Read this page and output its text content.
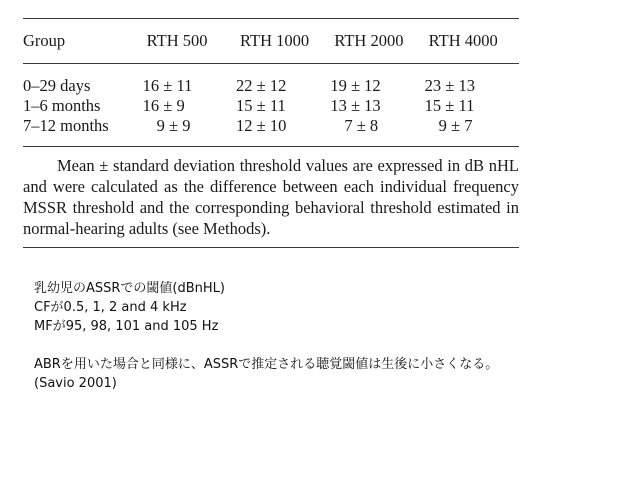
Group	RTH 500	RTH 1000	RTH 2000	RTH 4000

0–29 days	16 ± 11	22 ± 12	19 ± 12	23 ± 13
1–6 months	16 ± 9	15 ± 11	13 ± 13	15 ± 11
7–12 months	9 ± 9	12 ± 10	7 ± 8	9 ± 7

Mean ± standard deviation threshold values are expressed in dB nHL and were calculated as the difference between each individual frequency MSSR threshold and the corresponding behavioral threshold estimated in normal-hearing adults (see Methods).

乳幼児のASSRでの閾値(dBnHL)

CFが0.5, 1, 2 and 4 kHz

MFが95, 98, 101 and 105 Hz

ABRを用いた場合と同様に、ASSRで推定される聴覚閾値は生後に小さくなる。

(Savio 2001)
